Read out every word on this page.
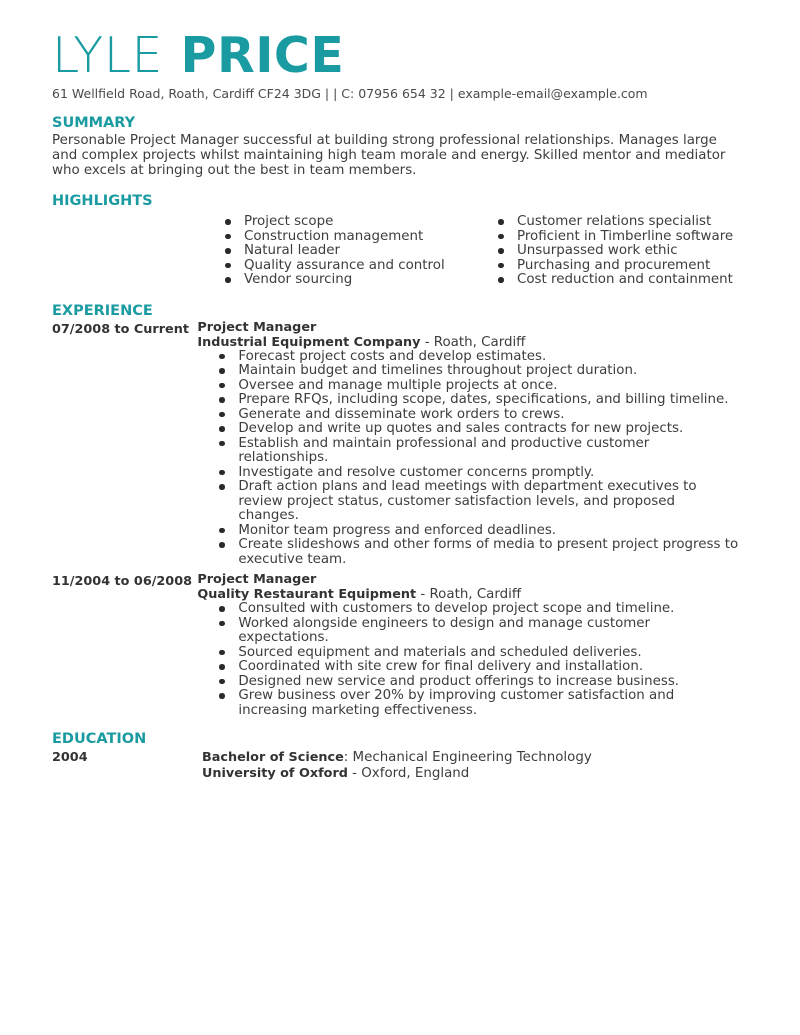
LYLE PRICE
61 Wellfield Road, Roath, Cardiff CF24 3DG | | C: 07956 654 32 | example-email@example.com
SUMMARY

Personable Project Manager successful at building strong professional relationships. Manages large and complex projects whilst maintaining high team morale and energy. Skilled mentor and mediator who excels at bringing out the best in team members.

HIGHLIGHTS
Project scope
Construction management
Natural leader
Quality assurance and control
Vendor sourcing
Customer relations specialist
Proficient in Timberline software
Unsurpassed work ethic
Purchasing and procurement
Cost reduction and containment
EXPERIENCE
07/2008 to Current Project Manager
Industrial Equipment Company - Roath, Cardiff
Forecast project costs and develop estimates.
Maintain budget and timelines throughout project duration.
Oversee and manage multiple projects at once.
Prepare RFQs, including scope, dates, specifications, and billing timeline.
Generate and disseminate work orders to crews.
Develop and write up quotes and sales contracts for new projects.
Establish and maintain professional and productive customer relationships.
Investigate and resolve customer concerns promptly.
Draft action plans and lead meetings with department executives to review project status, customer satisfaction levels, and proposed changes.
Monitor team progress and enforced deadlines.
Create slideshows and other forms of media to present project progress to executive team.
11/2004 to 06/2008 Project Manager
Quality Restaurant Equipment - Roath, Cardiff
Consulted with customers to develop project scope and timeline.
Worked alongside engineers to design and manage customer expectations.
Sourced equipment and materials and scheduled deliveries.
Coordinated with site crew for final delivery and installation.
Designed new service and product offerings to increase business.
Grew business over 20% by improving customer satisfaction and increasing marketing effectiveness.
EDUCATION
2004	Bachelor of Science: Mechanical Engineering Technology
University of Oxford - Oxford, England
